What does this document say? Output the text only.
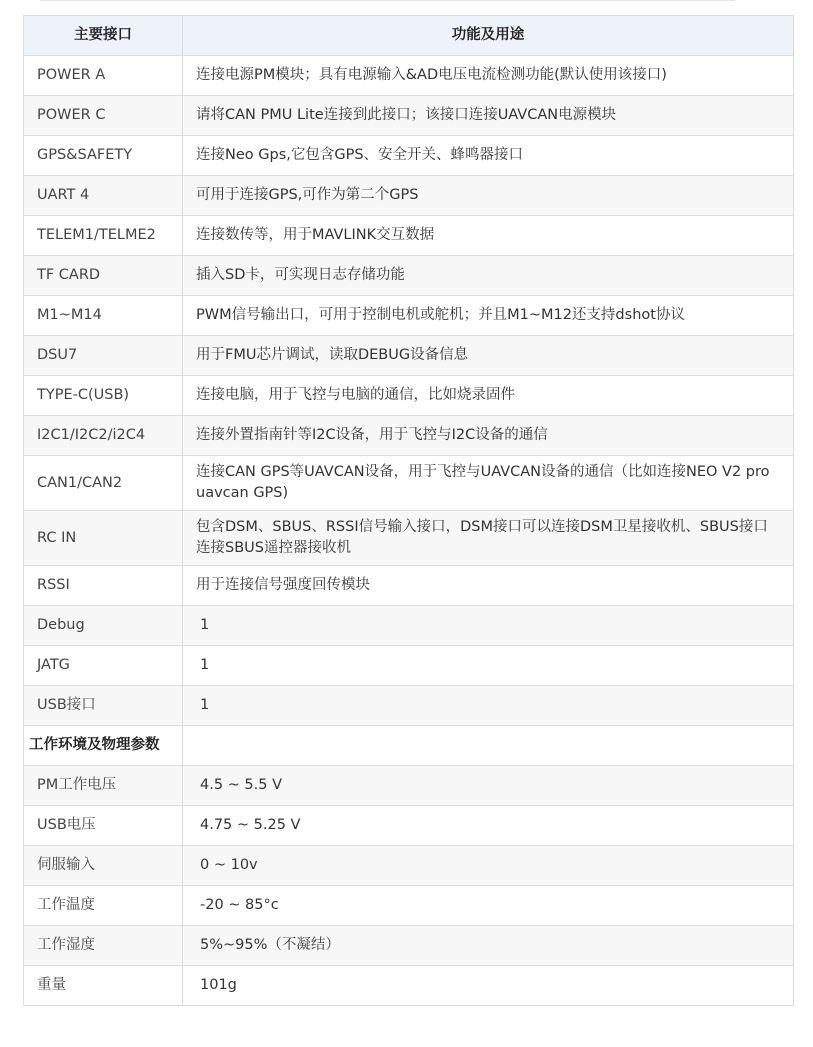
主要接口	功能及用途
POWER A	连接电源PM模块；具有电源输入&AD电压电流检测功能(默认使用该接口)
POWER C	请将CAN PMU Lite连接到此接口；该接口连接UAVCAN电源模块
GPS&SAFETY	连接Neo Gps,它包含GPS、安全开关、蜂鸣器接口
UART 4	可用于连接GPS,可作为第二个GPS
TELEM1/TELME2	连接数传等，用于MAVLINK交互数据
TF CARD	插入SD卡，可实现日志存储功能
M1~M14	PWM信号输出口，可用于控制电机或舵机；并且M1~M12还支持dshot协议
DSU7	用于FMU芯片调试，读取DEBUG设备信息
TYPE-C(USB)	连接电脑，用于飞控与电脑的通信，比如烧录固件
I2C1/I2C2/i2C4	连接外置指南针等I2C设备，用于飞控与I2C设备的通信
CAN1/CAN2	连接CAN GPS等UAVCAN设备，用于飞控与UAVCAN设备的通信（比如连接NEO V2 pro uavcan GPS)
RC IN	包含DSM、SBUS、RSSI信号输入接口，DSM接口可以连接DSM卫星接收机、SBUS接口连接SBUS遥控器接收机
RSSI	用于连接信号强度回传模块
Debug	1
JATG	1
USB接口	1
工作环境及物理参数	
PM工作电压	4.5 ~ 5.5 V
USB电压	4.75 ~ 5.25 V
伺服输入	0 ~ 10v
工作温度	-20 ~ 85°c
工作湿度	5%~95%（不凝结）
重量	101g
